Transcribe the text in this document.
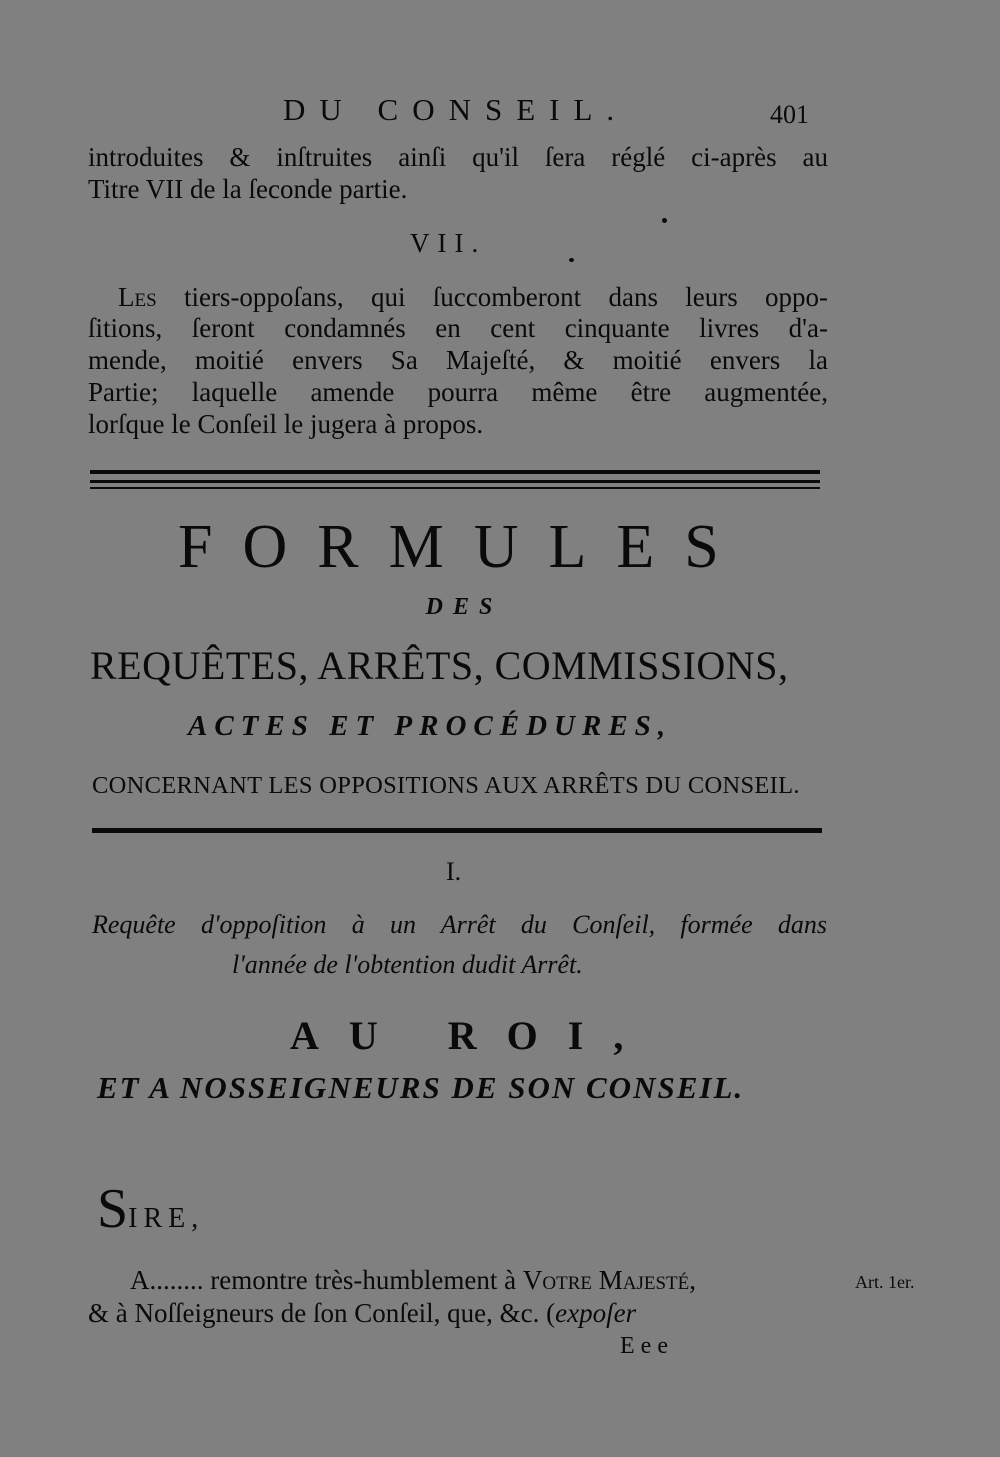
DU CONSEIL.	401
introduites & inſtruites ainſi qu'il ſera réglé ci-après au
Titre VII de la ſeconde partie.
VII.
Les tiers-oppoſans, qui ſuccomberont dans leurs oppo-
ſitions, ſeront condamnés en cent cinquante livres d'a-
mende, moitié envers Sa Majeſté, & moitié envers la
Partie; laquelle amende pourra même être augmentée,
lorſque le Conſeil le jugera à propos.
FORMULES
DES
REQUÊTES, ARRÊTS, COMMISSIONS,
ACTES ET PROCÉDURES,
CONCERNANT LES OPPOSITIONS AUX ARRÊTS DU CONSEIL.
I.
Requête d'oppoſition à un Arrêt du Conſeil, formée dans
l'année de l'obtention dudit Arrêt.
AU ROI,
ET A NOSSEIGNEURS DE SON CONSEIL.
SIRE,
A........ remontre très-humblement à Votre Majesté,
& à Noſſeigneurs de ſon Conſeil, que, &c. (expoſer
Art. 1er.
Eee
